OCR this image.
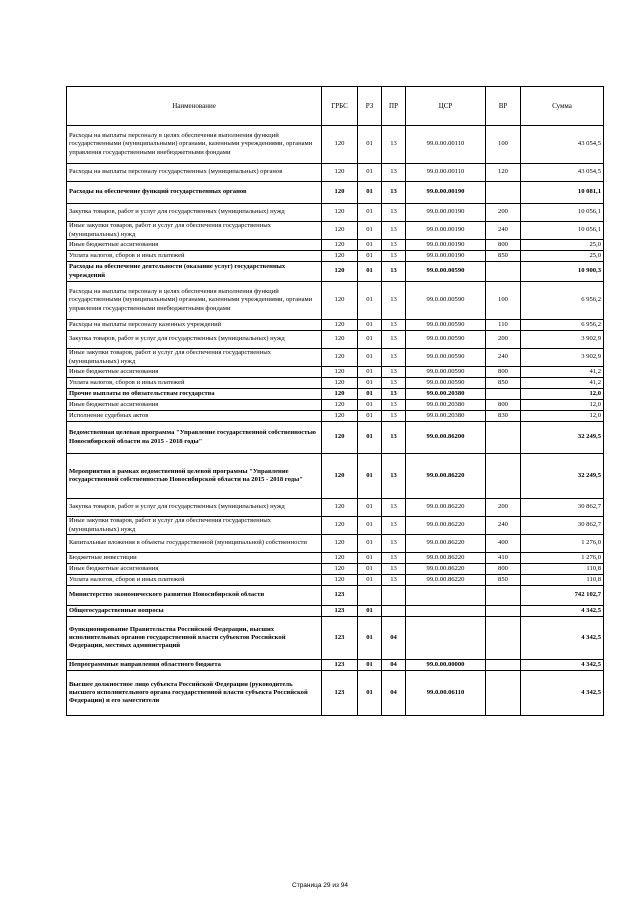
Наименование	ГРБС	РЗ	ПР	ЦСР	ВР	Сумма
Расходы на выплаты персоналу в целях обеспечения выполнения функций государственными (муниципальными) органами, казенными учреждениями, органами управления государственными внебюджетными фондами	120	01	13	99.0.00.00110	100	43 054,5
Расходы на выплаты персоналу государственных (муниципальных) органов	120	01	13	99.0.00.00110	120	43 054,5
Расходы на обеспечение функций государственных органов	120	01	13	99.0.00.00190		10 081,1
Закупка товаров, работ и услуг для государственных (муниципальных) нужд	120	01	13	99.0.00.00190	200	10 056,1
Иные закупки товаров, работ и услуг для обеспечения государственных (муниципальных) нужд	120	01	13	99.0.00.00190	240	10 056,1
Иные бюджетные ассигнования	120	01	13	99.0.00.00190	800	25,0
Уплата налогов, сборов и иных платежей	120	01	13	99.0.00.00190	850	25,0
Расходы на обеспечение деятельности (оказание услуг) государственных учреждений	120	01	13	99.0.00.00590		10 900,3
Расходы на выплаты персоналу в целях обеспечения выполнения функций государственными (муниципальными) органами, казенными учреждениями, органами управления государственными внебюджетными фондами	120	01	13	99.0.00.00590	100	6 956,2
Расходы на выплаты персоналу казенных учреждений	120	01	13	99.0.00.00590	110	6 956,2
Закупка товаров, работ и услуг для государственных (муниципальных) нужд	120	01	13	99.0.00.00590	200	3 902,9
Иные закупки товаров, работ и услуг для обеспечения государственных (муниципальных) нужд	120	01	13	99.0.00.00590	240	3 902,9
Иные бюджетные ассигнования	120	01	13	99.0.00.00590	800	41,2
Уплата налогов, сборов и иных платежей	120	01	13	99.0.00.00590	850	41,2
Прочие выплаты по обязательствам государства	120	01	13	99.0.00.20380		12,0
Иные бюджетные ассигнования	120	01	13	99.0.00.20380	800	12,0
Исполнение судебных актов	120	01	13	99.0.00.20380	830	12,0
Ведомственная целевая программа "Управление государственной собственностью Новосибирской области на 2015 - 2018 годы"	120	01	13	99.0.00.86200		32 249,5
Мероприятия в рамках ведомственной целевой программы "Управление государственной собственностью Новосибирской области на 2015 - 2018 годы"	120	01	13	99.0.00.86220		32 249,5
Закупка товаров, работ и услуг для государственных (муниципальных) нужд	120	01	13	99.0.00.86220	200	30 862,7
Иные закупки товаров, работ и услуг для обеспечения государственных (муниципальных) нужд	120	01	13	99.0.00.86220	240	30 862,7
Капитальные вложения в объекты государственной (муниципальной) собственности	120	01	13	99.0.00.86220	400	1 276,0
Бюджетные инвестиции	120	01	13	99.0.00.86220	410	1 276,0
Иные бюджетные ассигнования	120	01	13	99.0.00.86220	800	110,8
Уплата налогов, сборов и иных платежей	120	01	13	99.0.00.86220	850	110,8
Министерство экономического развития Новосибирской области	123					742 102,7
Общегосударственные вопросы	123	01				4 342,5
Функционирование Правительства Российской Федерации, высших исполнительных органов государственной власти субъектов Российской Федерации, местных администраций	123	01	04			4 342,5
Непрограммные направления областного бюджета	123	01	04	99.0.00.00000		4 342,5
Высшее должностное лицо субъекта Российской Федерации (руководитель высшего исполнительного органа государственной власти субъекта Российской Федерации) и его заместители	123	01	04	99.0.00.06110		4 342,5
Страница 29 из 94
